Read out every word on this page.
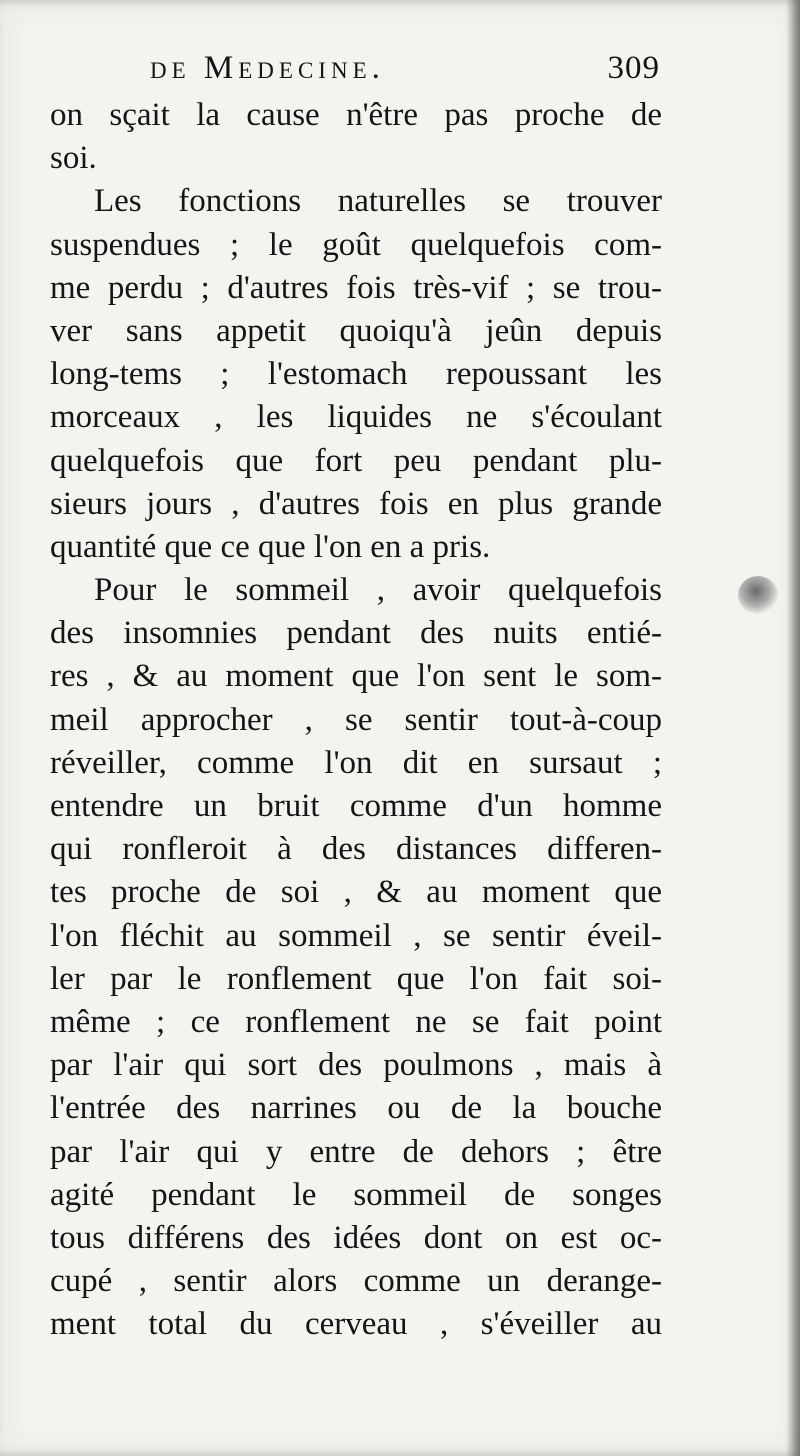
de Medecine.	309
on sçait la cause n'être pas proche de
soi.
Les fonctions naturelles se trouver
suspendues ; le goût quelquefois com-
me perdu ; d'autres fois très-vif ; se trou-
ver sans appetit quoiqu'à jeûn depuis
long-tems ; l'estomach repoussant les
morceaux , les liquides ne s'écoulant
quelquefois que fort peu pendant plu-
sieurs jours , d'autres fois en plus grande
quantité que ce que l'on en a pris.
Pour le sommeil , avoir quelquefois
des insomnies pendant des nuits entié-
res , & au moment que l'on sent le som-
meil approcher , se sentir tout-à-coup
réveiller, comme l'on dit en sursaut ;
entendre un bruit comme d'un homme
qui ronfleroit à des distances differen-
tes proche de soi , & au moment que
l'on fléchit au sommeil , se sentir éveil-
ler par le ronflement que l'on fait soi-
même ; ce ronflement ne se fait point
par l'air qui sort des poulmons , mais à
l'entrée des narrines ou de la bouche
par l'air qui y entre de dehors ; être
agité pendant le sommeil de songes
tous différens des idées dont on est oc-
cupé , sentir alors comme un derange-
ment total du cerveau , s'éveiller au
